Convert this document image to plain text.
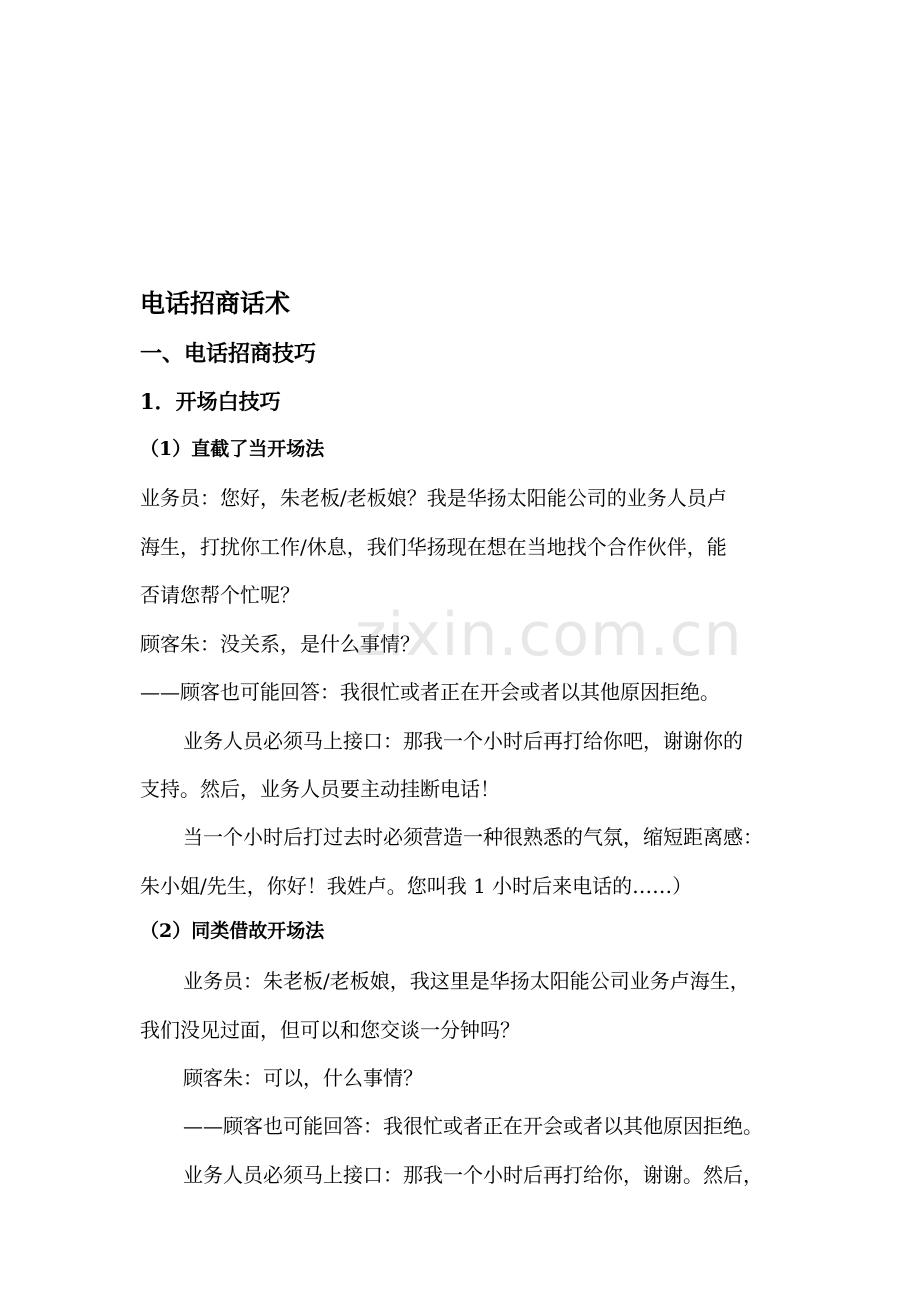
电话招商话术
一、电话招商技巧
1．开场白技巧
（1）直截了当开场法
业务员：您好，朱老板/老板娘？我是华扬太阳能公司的业务人员卢
海生，打扰你工作/休息，我们华扬现在想在当地找个合作伙伴，能
否请您帮个忙呢？
顾客朱：没关系，是什么事情？
——顾客也可能回答：我很忙或者正在开会或者以其他原因拒绝。
业务人员必须马上接口：那我一个小时后再打给你吧，谢谢你的
支持。然后，业务人员要主动挂断电话！
当一个小时后打过去时必须营造一种很熟悉的气氛，缩短距离感：
朱小姐/先生，你好！我姓卢。您叫我 1 小时后来电话的……）
（2）同类借故开场法
业务员：朱老板/老板娘，我这里是华扬太阳能公司业务卢海生，
我们没见过面，但可以和您交谈一分钟吗？
顾客朱：可以，什么事情？
——顾客也可能回答：我很忙或者正在开会或者以其他原因拒绝。
业务人员必须马上接口：那我一个小时后再打给你，谢谢。然后，
zixin.com.cn
